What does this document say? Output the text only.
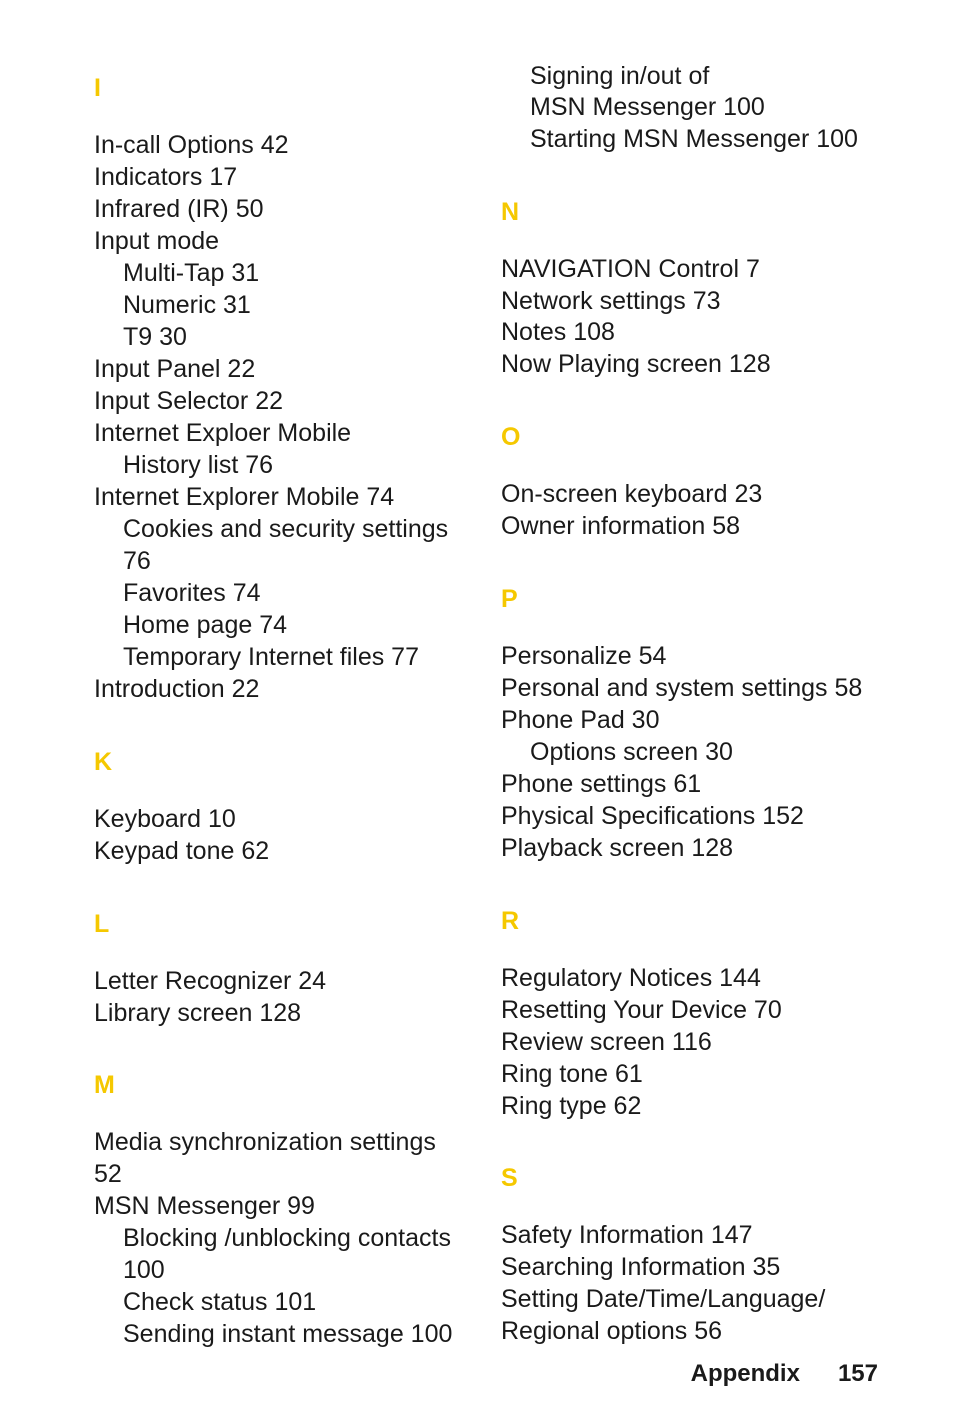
I
In-call Options 42
Indicators 17
Infrared (IR) 50
Input mode
Multi-Tap 31
Numeric 31
T9 30
Input Panel 22
Input Selector 22
Internet Exploer Mobile
History list 76
Internet Explorer Mobile 74
Cookies and security settings
76
Favorites 74
Home page 74
Temporary Internet files 77
Introduction 22
K
Keyboard 10
Keypad tone 62
L
Letter Recognizer 24
Library screen 128
M
Media synchronization settings
52
MSN Messenger 99
Blocking /unblocking contacts
100
Check status 101
Sending instant message 100
Signing in/out of
MSN Messenger 100
Starting MSN Messenger 100
N
NAVIGATION Control 7
Network settings 73
Notes 108
Now Playing screen 128
O
On-screen keyboard 23
Owner information 58
P
Personalize 54
Personal and system settings 58
Phone Pad 30
Options screen 30
Phone settings 61
Physical Specifications 152
Playback screen 128
R
Regulatory Notices 144
Resetting Your Device 70
Review screen 116
Ring tone 61
Ring type 62
S
Safety Information 147
Searching Information 35
Setting Date/Time/Language/
Regional options 56
Appendix 157
